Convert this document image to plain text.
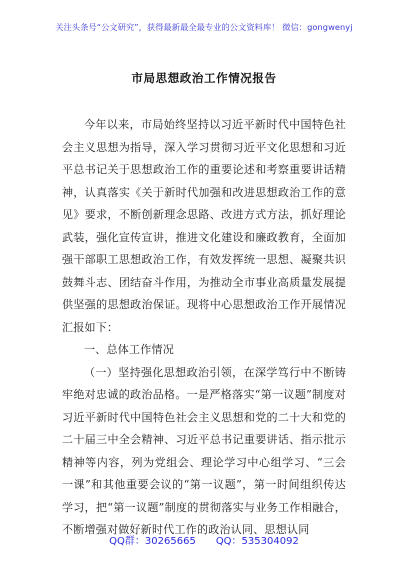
关注头条号“公文研究”，获得最新最全最专业的公文资料库！ 微信：gongwenyj
市局思想政治工作情况报告

今年以来，市局始终坚持以习近平新时代中国特色社会主义思想为指导，深入学习贯彻习近平文化思想和习近平总书记关于思想政治工作的重要论述和考察重要讲话精神，认真落实《关于新时代加强和改进思想政治工作的意见》要求，不断创新理念思路、改进方式方法，抓好理论武装，强化宣传宣讲，推进文化建设和廉政教育，全面加强干部职工思想政治工作，有效发挥统一思想、凝聚共识鼓舞斗志、团结奋斗作用，为推动全市事业高质量发展提供坚强的思想政治保证。现将中心思想政治工作开展情况汇报如下：

一、总体工作情况

（一）坚持强化思想政治引领，在深学笃行中不断铸牢绝对忠诚的政治品格。一是严格落实“第一议题”制度对习近平新时代中国特色社会主义思想和党的二十大和党的二十届三中全会精神、习近平总书记重要讲话、指示批示精神等内容，列为党组会、理论学习中心组学习、“三会一课”和其他重要会议的“第一议题”，第一时间组织传达学习，把“第一议题”制度的贯彻落实与业务工作相融合，不断增强对做好新时代工作的政治认同、思想认同

QQ群：30265665 QQ：535304092
